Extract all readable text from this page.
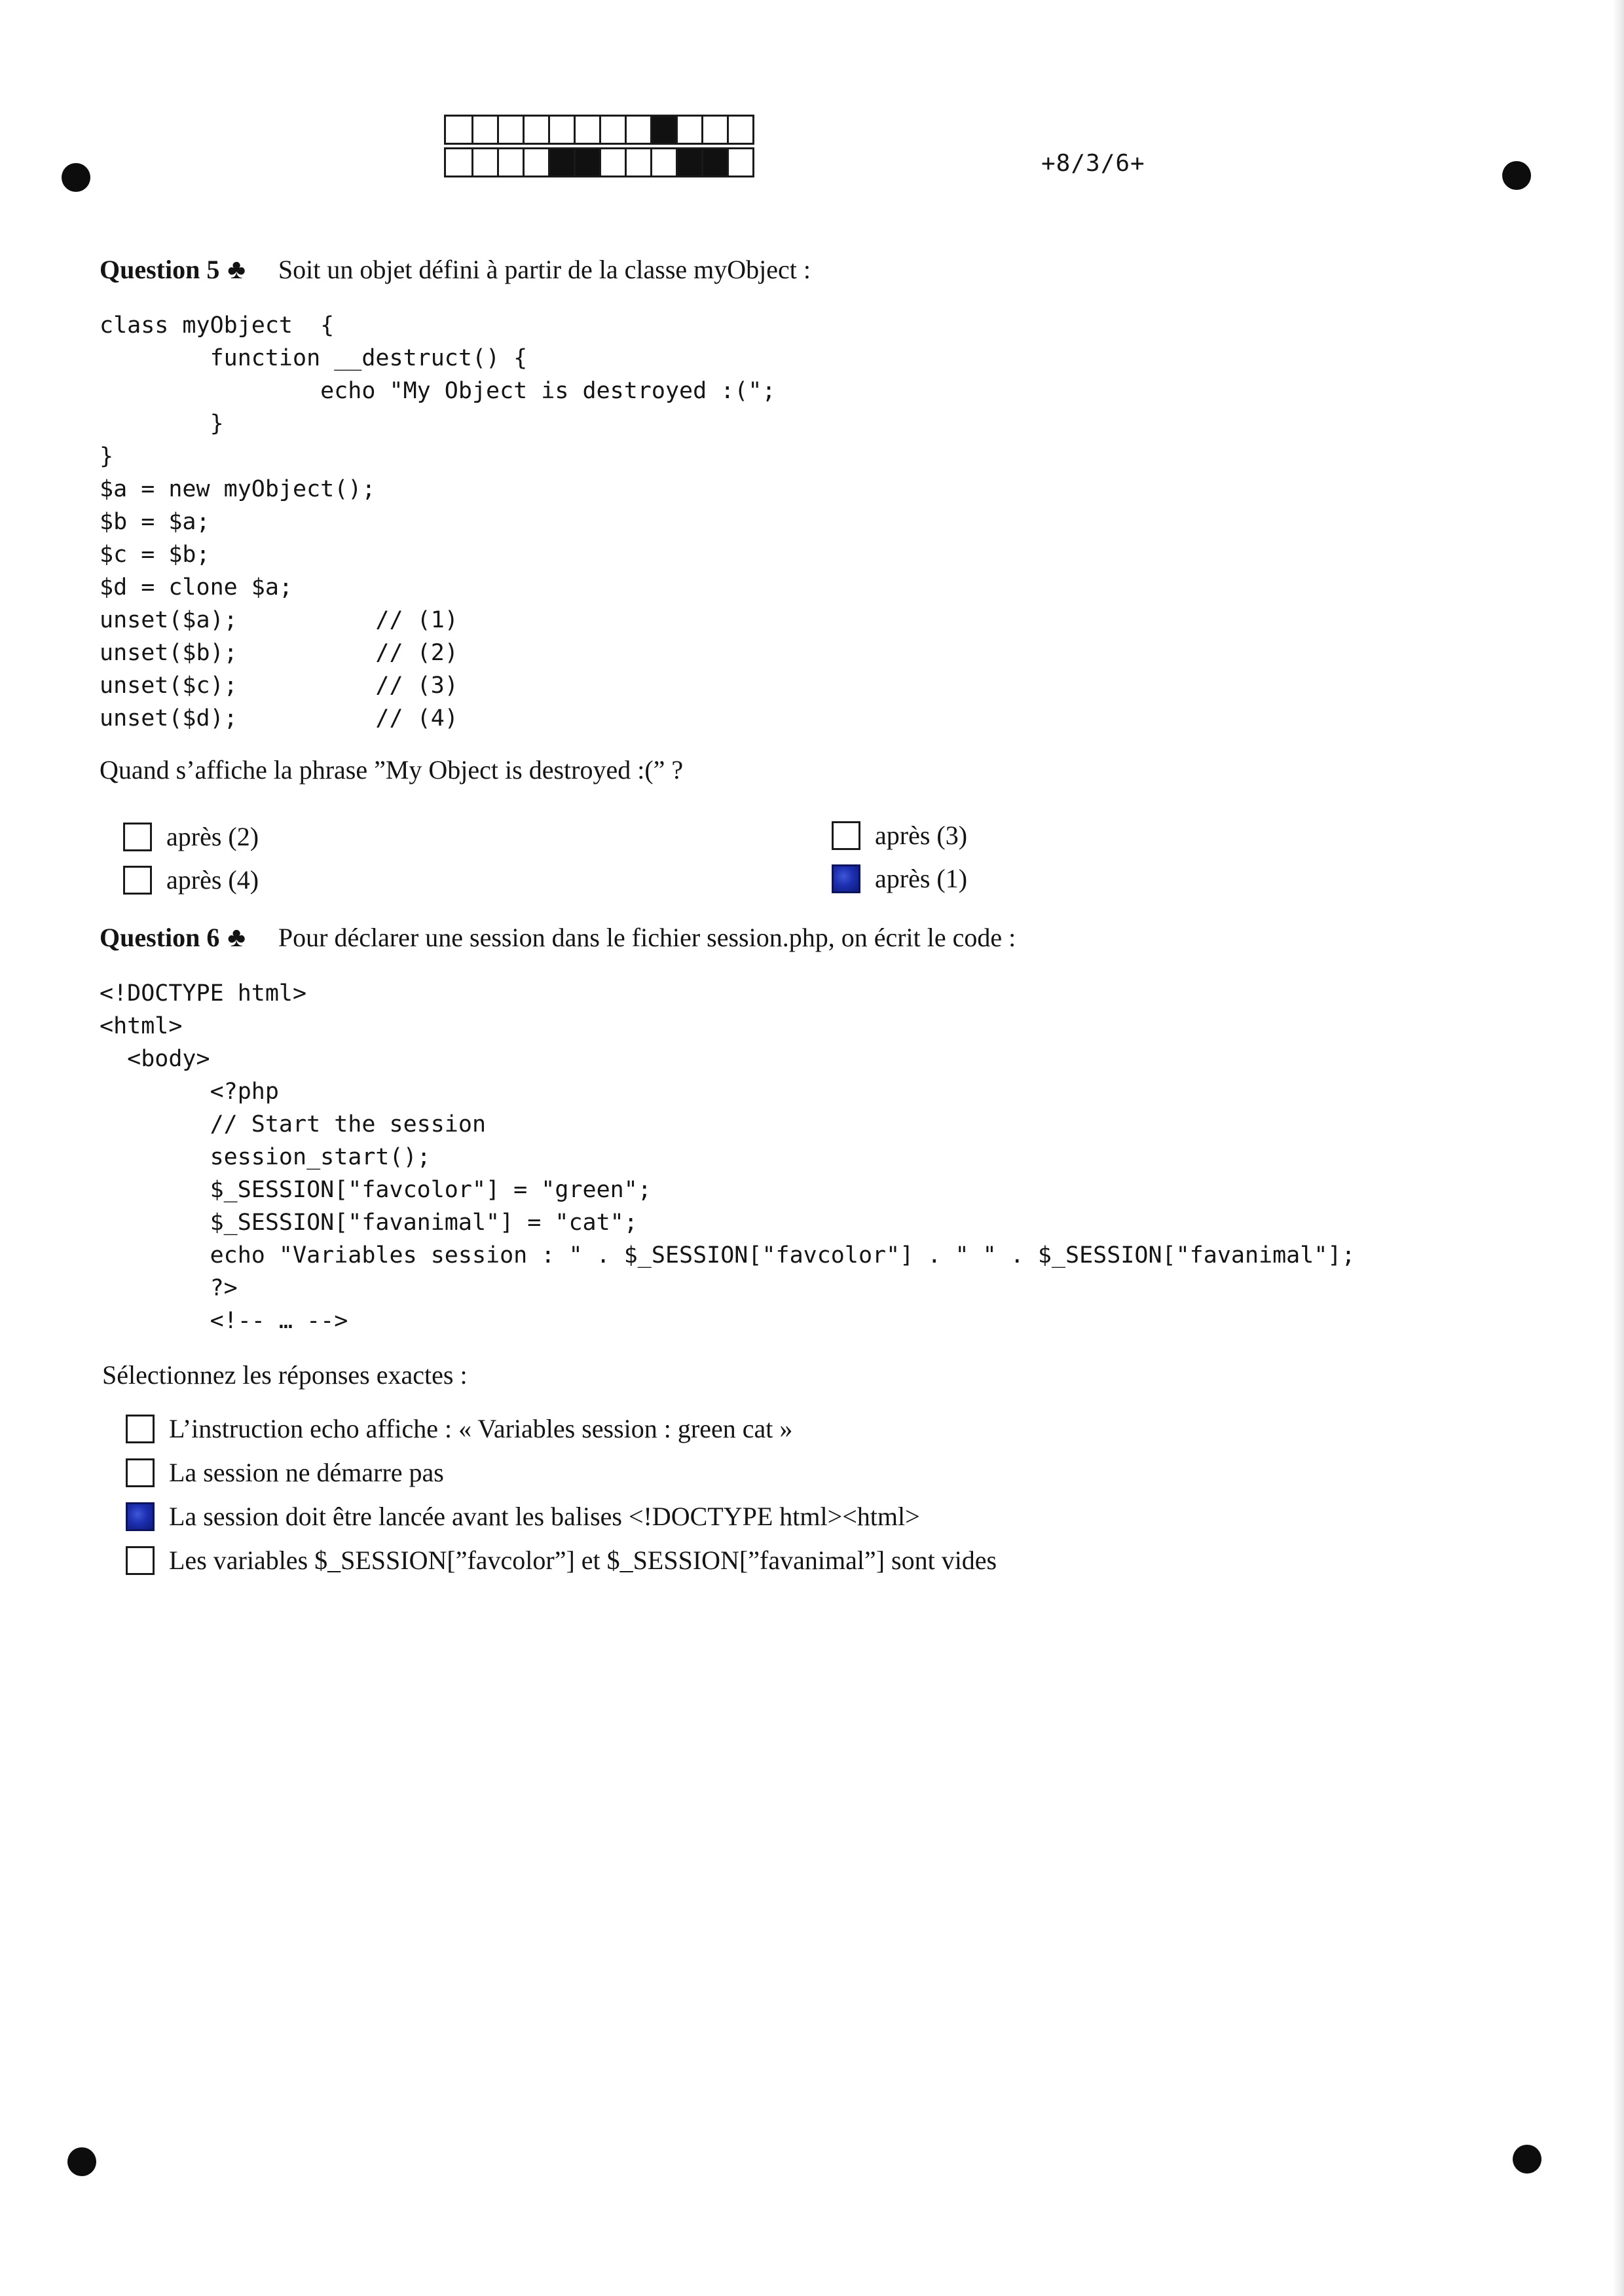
+8/3/6+
Question 5 ♣ Soit un objet défini à partir de la classe myObject :
class myObject  {
function __destruct() {
echo "My Object is destroyed :(";
}
}
$a = new myObject();
$b = $a;
$c = $b;
$d = clone $a;
unset($a);          // (1)
unset($b);          // (2)
unset($c);          // (3)
unset($d);          // (4)
Quand s’affiche la phrase ”My Object is destroyed :(” ?
après (2)	après (3)
après (4)	après (1)
Question 6 ♣ Pour déclarer une session dans le fichier session.php, on écrit le code :
<!DOCTYPE html>
<html>
<body>
<?php
// Start the session
session_start();
$_SESSION["favcolor"] = "green";
$_SESSION["favanimal"] = "cat";
echo "Variables session : " . $_SESSION["favcolor"] . " " . $_SESSION["favanimal"];
?>
<!-- … -->
Sélectionnez les réponses exactes :
L’instruction echo affiche : « Variables session : green cat »
La session ne démarre pas
La session doit être lancée avant les balises <!DOCTYPE html><html>
Les variables $_SESSION[”favcolor”] et $_SESSION[”favanimal”] sont vides
